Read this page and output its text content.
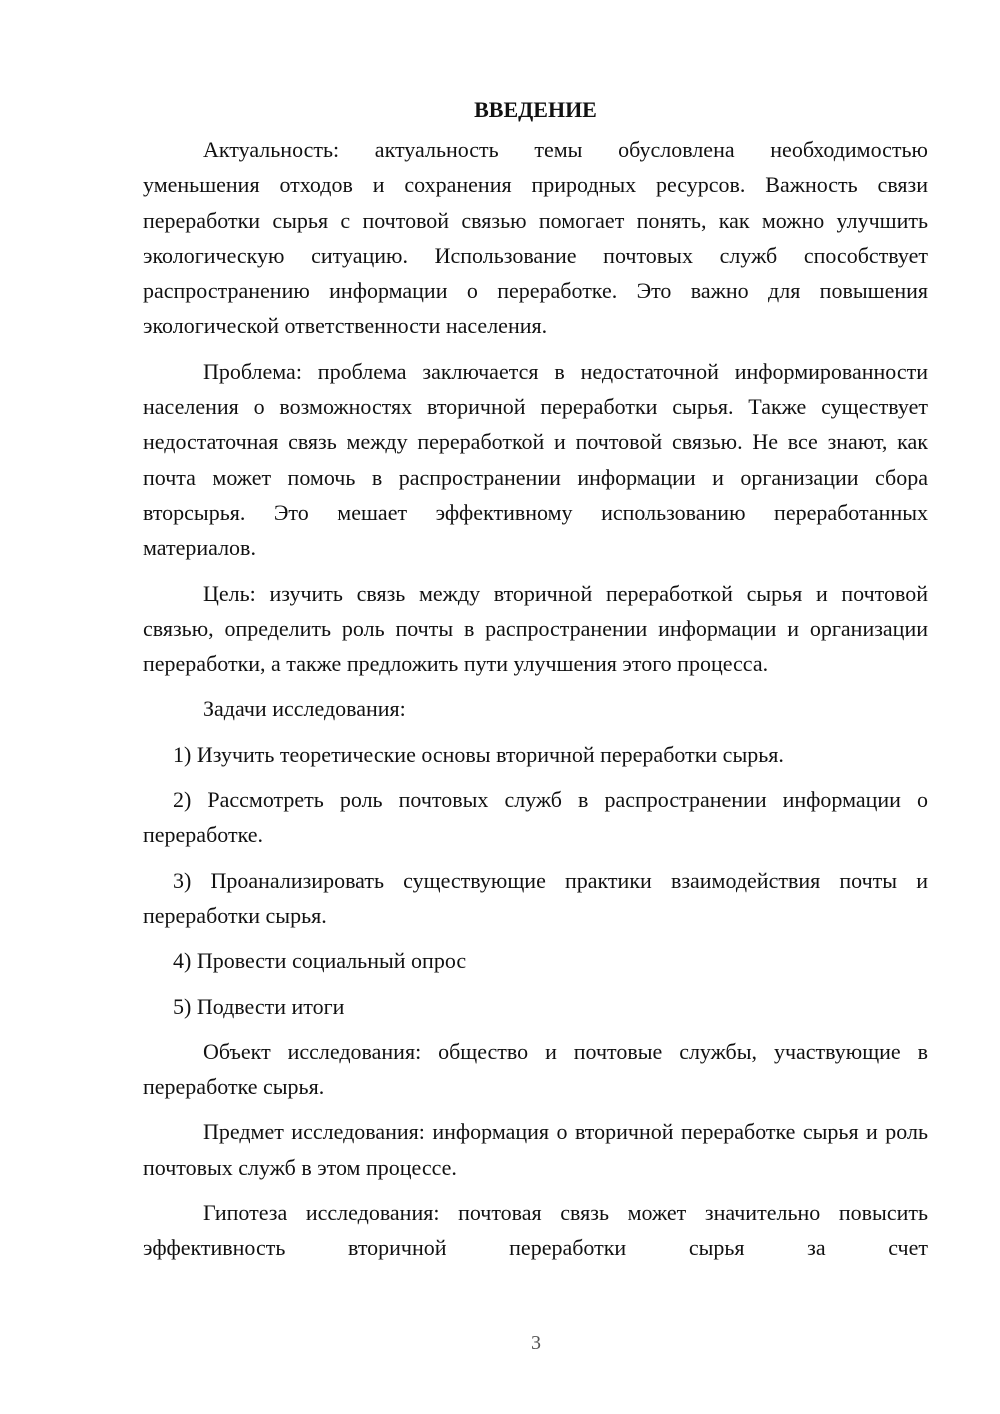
ВВЕДЕНИЕ

Актуальность: актуальность темы обусловлена необходимостью уменьшения отходов и сохранения природных ресурсов. Важность связи переработки сырья с почтовой связью помогает понять, как можно улучшить экологическую ситуацию. Использование почтовых служб способствует распространению информации о переработке. Это важно для повышения экологической ответственности населения.

Проблема: проблема заключается в недостаточной информированности населения о возможностях вторичной переработки сырья. Также существует недостаточная связь между переработкой и почтовой связью. Не все знают, как почта может помочь в распространении информации и организации сбора вторсырья. Это мешает эффективному использованию переработанных материалов.

Цель: изучить связь между вторичной переработкой сырья и почтовой связью, определить роль почты в распространении информации и организации переработки, а также предложить пути улучшения этого процесса.

Задачи исследования:

1) Изучить теоретические основы вторичной переработки сырья.

2) Рассмотреть роль почтовых служб в распространении информации о переработке.

3) Проанализировать существующие практики взаимодействия почты и переработки сырья.

4) Провести социальный опрос

5) Подвести итоги

Объект исследования: общество и почтовые службы, участвующие в переработке сырья.

Предмет исследования: информация о вторичной переработке сырья и роль почтовых служб в этом процессе.

Гипотеза исследования: почтовая связь может значительно повысить эффективность вторичной переработки сырья за счет

3
